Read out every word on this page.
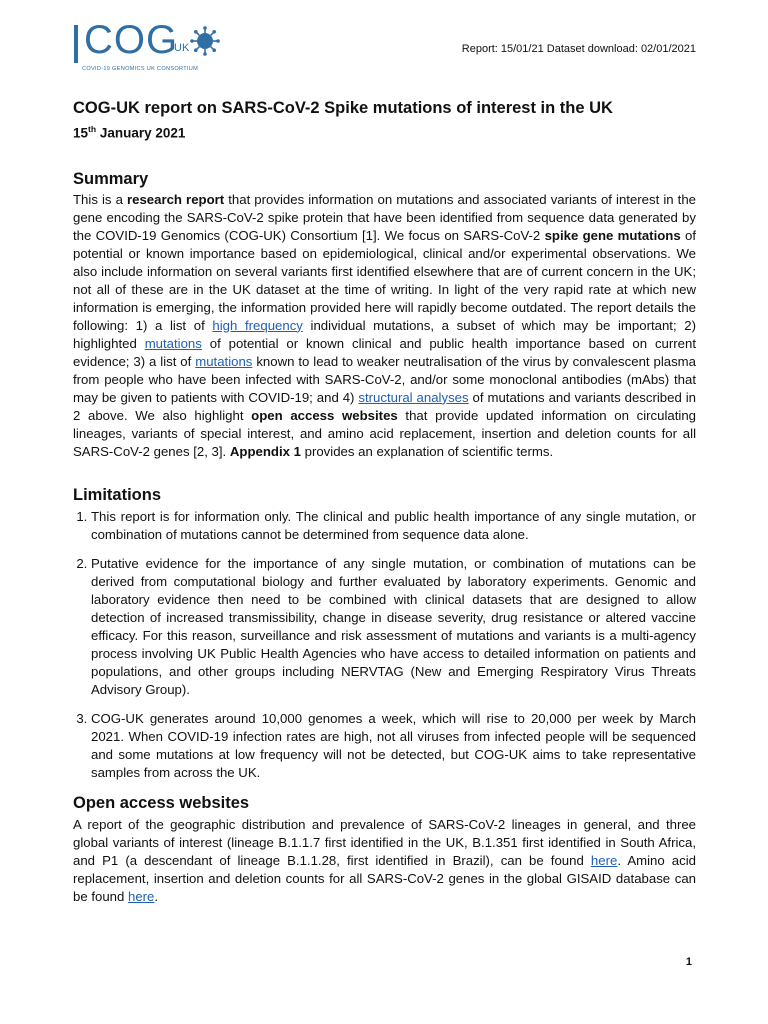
COG
UK
COVID-19 GENOMICS UK CONSORTIUM
Report: 15/01/21 Dataset download: 02/01/2021
COG-UK report on SARS-CoV-2 Spike mutations of interest in the UK
15th January 2021
Summary

This is a research report that provides information on mutations and associated variants of interest in the gene encoding the SARS-CoV-2 spike protein that have been identified from sequence data generated by the COVID-19 Genomics (COG-UK) Consortium [1]. We focus on SARS-CoV-2 spike gene mutations of potential or known importance based on epidemiological, clinical and/or experimental observations. We also include information on several variants first identified elsewhere that are of current concern in the UK; not all of these are in the UK dataset at the time of writing. In light of the very rapid rate at which new information is emerging, the information provided here will rapidly become outdated. The report details the following: 1) a list of high frequency individual mutations, a subset of which may be important; 2) highlighted mutations of potential or known clinical and public health importance based on current evidence; 3) a list of mutations known to lead to weaker neutralisation of the virus by convalescent plasma from people who have been infected with SARS-CoV-2, and/or some monoclonal antibodies (mAbs) that may be given to patients with COVID-19; and 4) structural analyses of mutations and variants described in 2 above. We also highlight open access websites that provide updated information on circulating lineages, variants of special interest, and amino acid replacement, insertion and deletion counts for all SARS-CoV-2 genes [2, 3]. Appendix 1 provides an explanation of scientific terms.

Limitations
1. This report is for information only. The clinical and public health importance of any single mutation, or combination of mutations cannot be determined from sequence data alone.
2. Putative evidence for the importance of any single mutation, or combination of mutations can be derived from computational biology and further evaluated by laboratory experiments. Genomic and laboratory evidence then need to be combined with clinical datasets that are designed to allow detection of increased transmissibility, change in disease severity, drug resistance or altered vaccine efficacy. For this reason, surveillance and risk assessment of mutations and variants is a multi-agency process involving UK Public Health Agencies who have access to detailed information on patients and populations, and other groups including NERVTAG (New and Emerging Respiratory Virus Threats Advisory Group).
3. COG-UK generates around 10,000 genomes a week, which will rise to 20,000 per week by March 2021. When COVID-19 infection rates are high, not all viruses from infected people will be sequenced and some mutations at low frequency will not be detected, but COG-UK aims to take representative samples from across the UK.
Open access websites

A report of the geographic distribution and prevalence of SARS-CoV-2 lineages in general, and three global variants of interest (lineage B.1.1.7 first identified in the UK, B.1.351 first identified in South Africa, and P1 (a descendant of lineage B.1.1.28, first identified in Brazil), can be found here. Amino acid replacement, insertion and deletion counts for all SARS-CoV-2 genes in the global GISAID database can be found here.

1
